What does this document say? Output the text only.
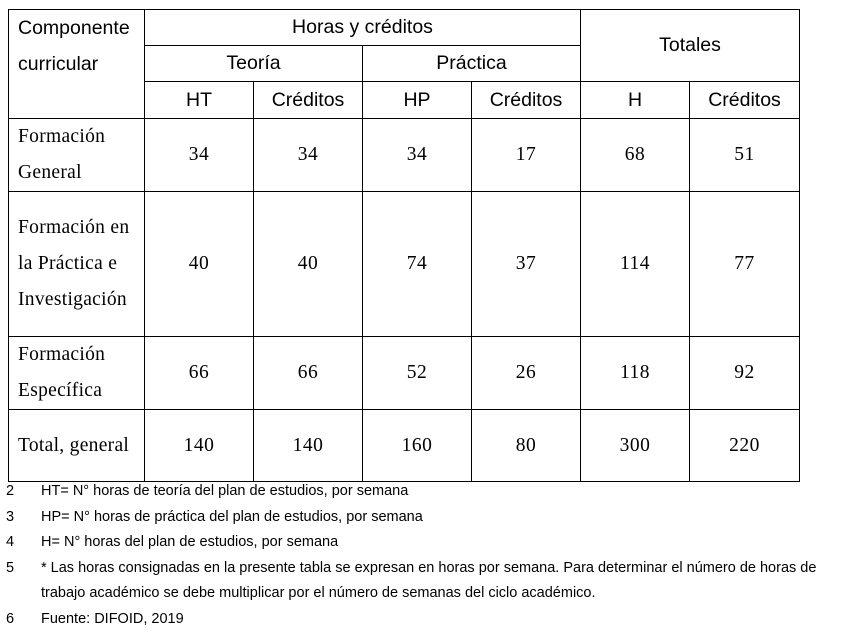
Componente curricular	Horas y créditos				Totales	
	Teoría		Práctica			
	HT	Créditos	HP	Créditos	H	Créditos
Formación General	34	34	34	17	68	51
Formación en la Práctica e Investigación	40	40	74	37	114	77
Formación Específica	66	66	52	26	118	92
Total, general	140	140	160	80	300	220
2 HT= N° horas de teoría del plan de estudios, por semana
3 HP= N° horas de práctica del plan de estudios, por semana
4 H= N° horas del plan de estudios, por semana
5 * Las horas consignadas en la presente tabla se expresan en horas por semana. Para determinar el número de horas de trabajo académico se debe multiplicar por el número de semanas del ciclo académico.
6 Fuente: DIFOID, 2019
